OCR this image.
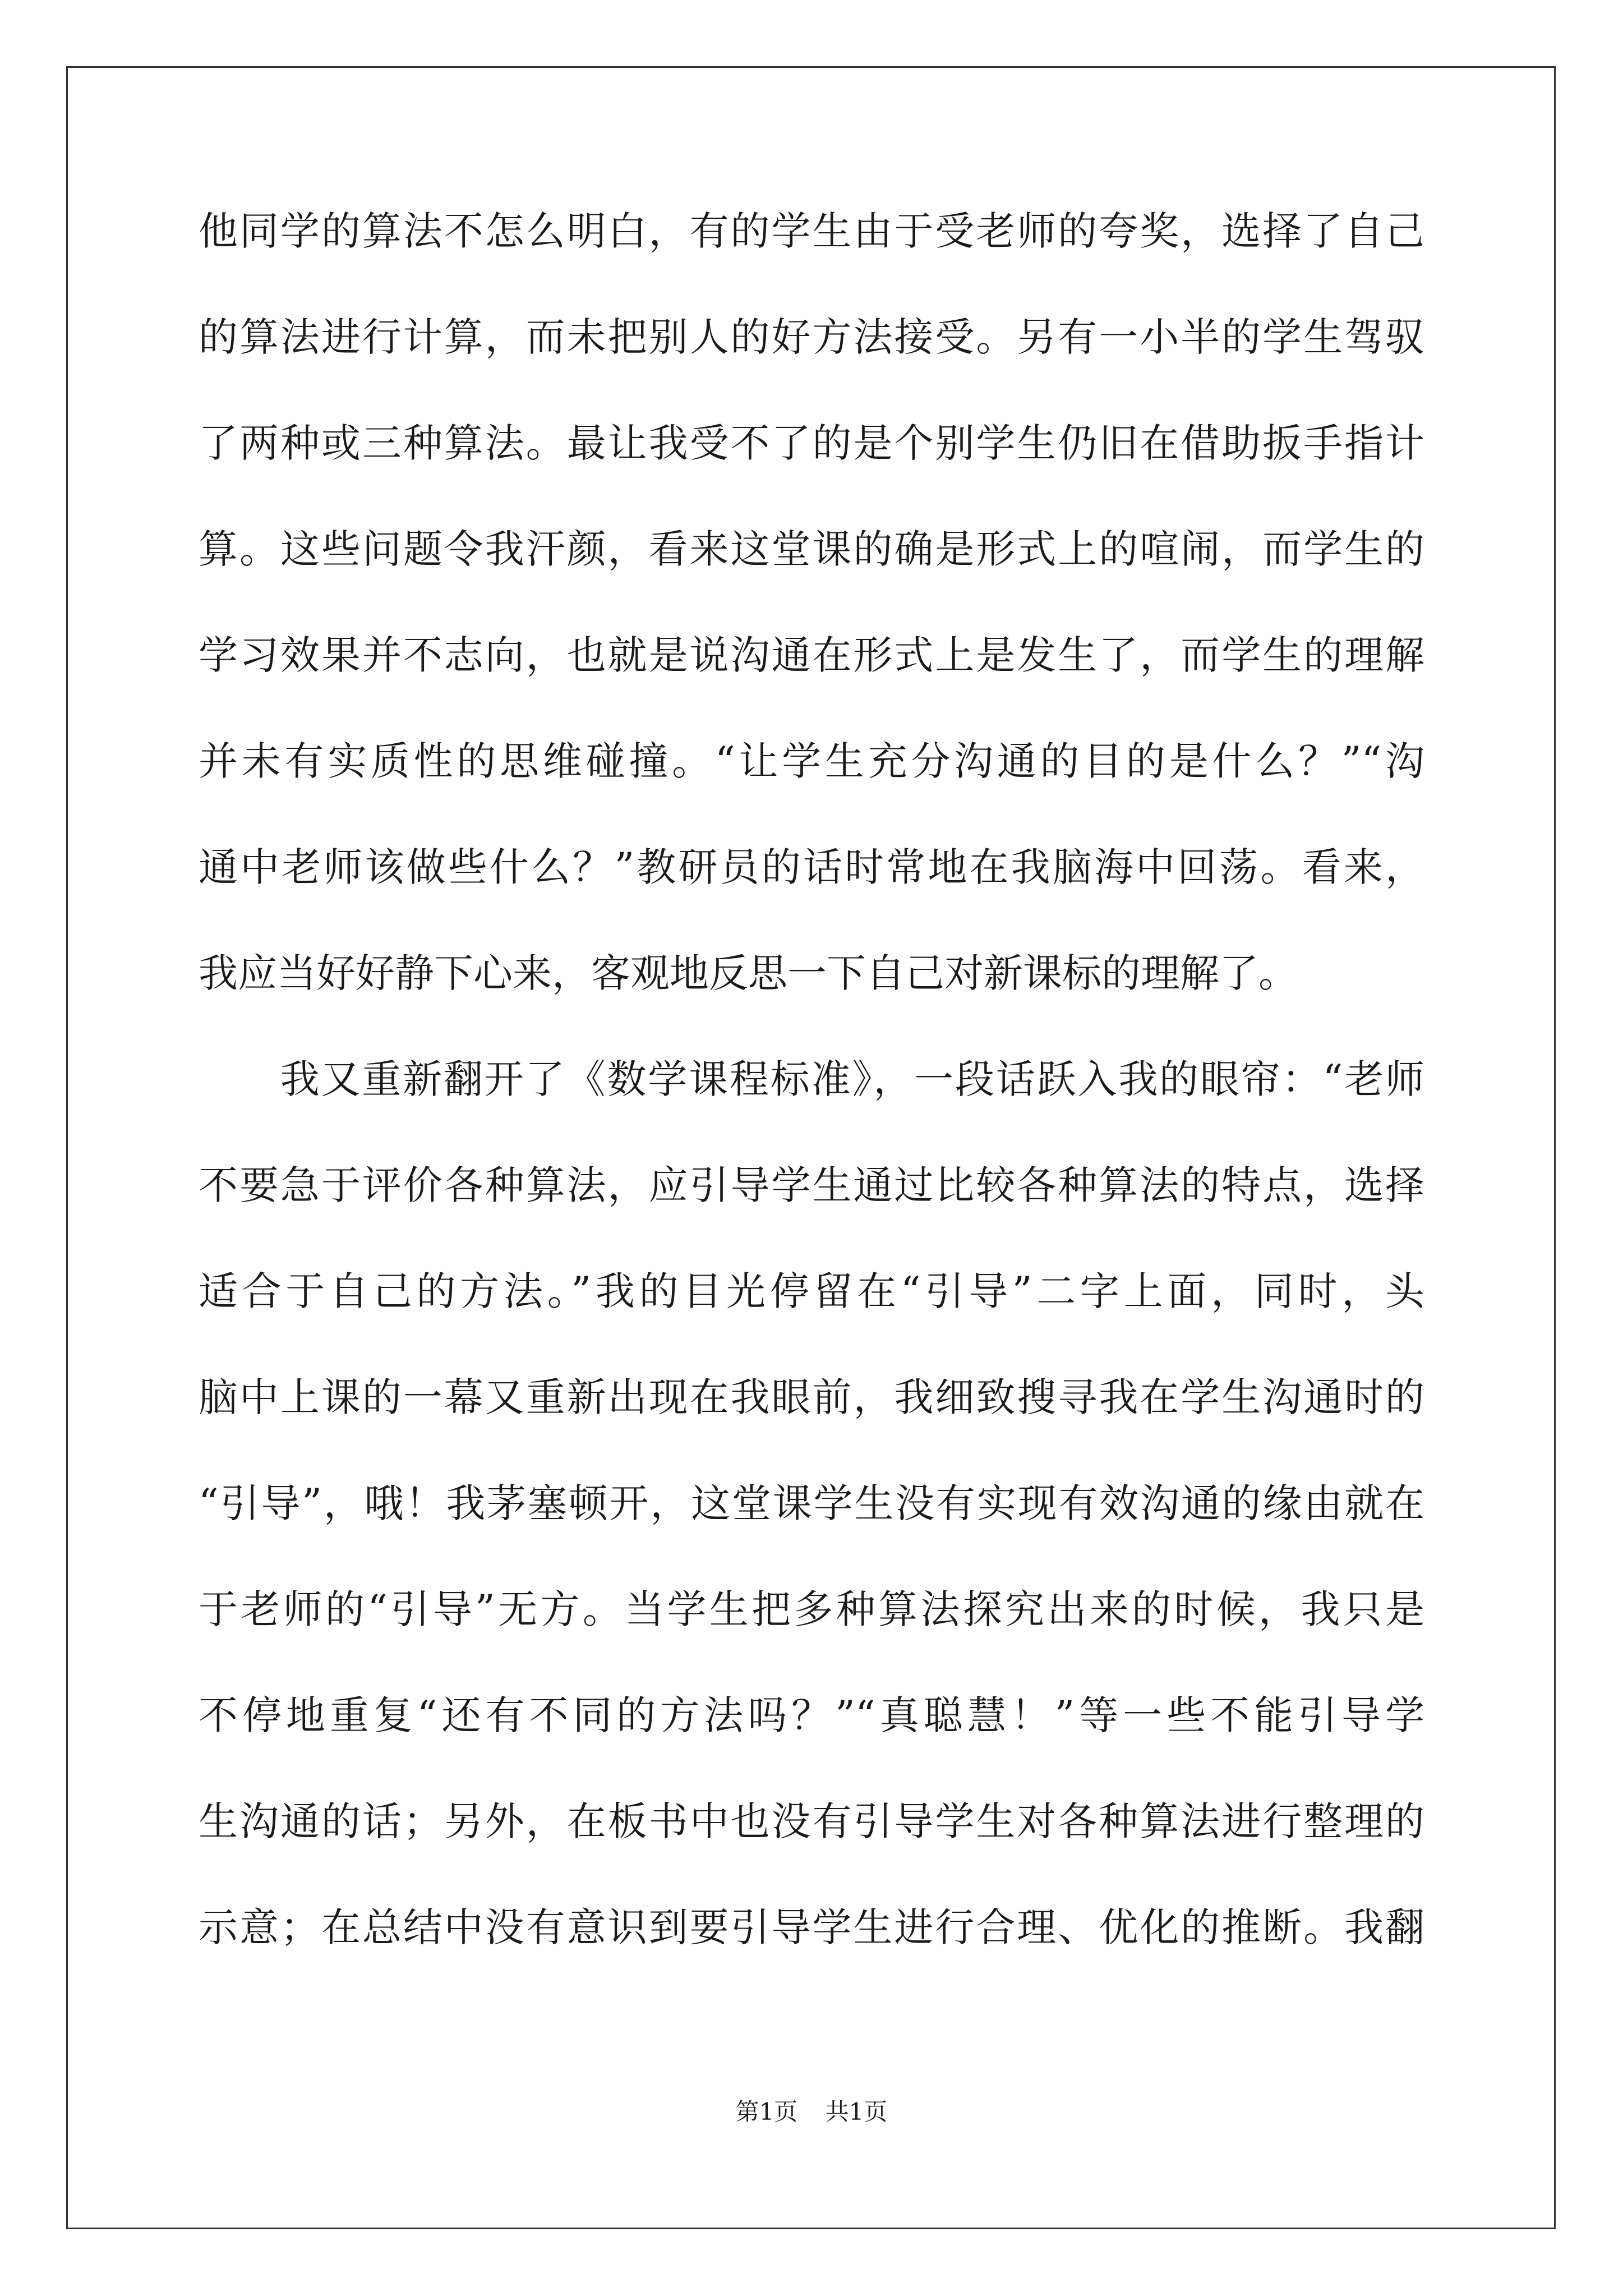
他同学的算法不怎么明白，有的学生由于受老师的夸奖，选择了自己
的算法进行计算，而未把别人的好方法接受。另有一小半的学生驾驭
了两种或三种算法。最让我受不了的是个别学生仍旧在借助扳手指计
算。这些问题令我汗颜，看来这堂课的确是形式上的喧闹，而学生的
学习效果并不志向，也就是说沟通在形式上是发生了，而学生的理解
并未有实质性的思维碰撞。“让学生充分沟通的目的是什么？”“沟
通中老师该做些什么？”教研员的话时常地在我脑海中回荡。看来，
我应当好好静下心来，客观地反思一下自己对新课标的理解了。
　　我又重新翻开了《数学课程标准》，一段话跃入我的眼帘：“老师
不要急于评价各种算法，应引导学生通过比较各种算法的特点，选择
适合于自己的方法。”我的目光停留在“引导”二字上面，同时，头
脑中上课的一幕又重新出现在我眼前，我细致搜寻我在学生沟通时的
“引导”，哦！我茅塞顿开，这堂课学生没有实现有效沟通的缘由就在
于老师的“引导”无方。当学生把多种算法探究出来的时候，我只是
不停地重复“还有不同的方法吗？”“真聪慧！”等一些不能引导学
生沟通的话；另外，在板书中也没有引导学生对各种算法进行整理的
示意；在总结中没有意识到要引导学生进行合理、优化的推断。我翻
第1页 共1页
